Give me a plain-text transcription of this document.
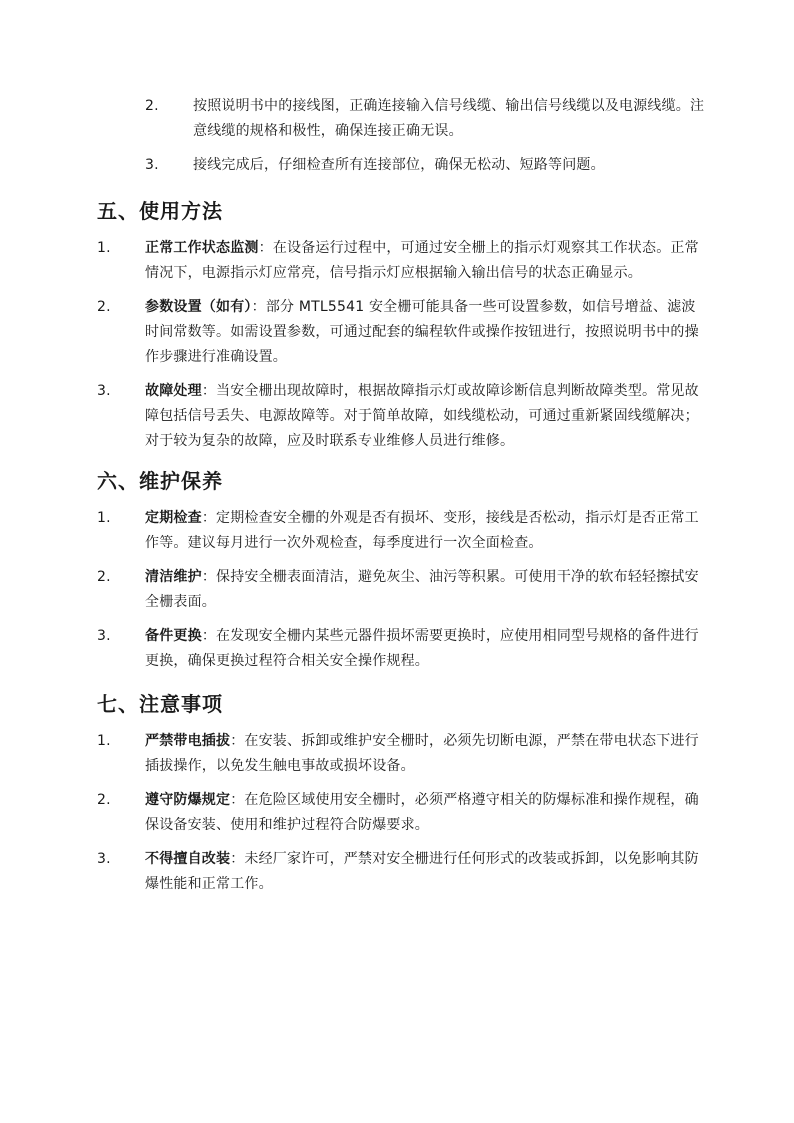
2. 按照说明书中的接线图，正确连接输入信号线缆、输出信号线缆以及电源线缆。注意线缆的规格和极性，确保连接正确无误。
3. 接线完成后，仔细检查所有连接部位，确保无松动、短路等问题。
五、使用方法
1. 正常工作状态监测：在设备运行过程中，可通过安全栅上的指示灯观察其工作状态。正常情况下，电源指示灯应常亮，信号指示灯应根据输入输出信号的状态正确显示。
2. 参数设置（如有）：部分 MTL5541 安全栅可能具备一些可设置参数，如信号增益、滤波时间常数等。如需设置参数，可通过配套的编程软件或操作按钮进行，按照说明书中的操作步骤进行准确设置。
3. 故障处理：当安全栅出现故障时，根据故障指示灯或故障诊断信息判断故障类型。常见故障包括信号丢失、电源故障等。对于简单故障，如线缆松动，可通过重新紧固线缆解决；对于较为复杂的故障，应及时联系专业维修人员进行维修。
六、维护保养
1. 定期检查：定期检查安全栅的外观是否有损坏、变形，接线是否松动，指示灯是否正常工作等。建议每月进行一次外观检查，每季度进行一次全面检查。
2. 清洁维护：保持安全栅表面清洁，避免灰尘、油污等积累。可使用干净的软布轻轻擦拭安全栅表面。
3. 备件更换：在发现安全栅内某些元器件损坏需要更换时，应使用相同型号规格的备件进行更换，确保更换过程符合相关安全操作规程。
七、注意事项
1. 严禁带电插拔：在安装、拆卸或维护安全栅时，必须先切断电源，严禁在带电状态下进行插拔操作，以免发生触电事故或损坏设备。
2. 遵守防爆规定：在危险区域使用安全栅时，必须严格遵守相关的防爆标准和操作规程，确保设备安装、使用和维护过程符合防爆要求。
3. 不得擅自改装：未经厂家许可，严禁对安全栅进行任何形式的改装或拆卸，以免影响其防爆性能和正常工作。
